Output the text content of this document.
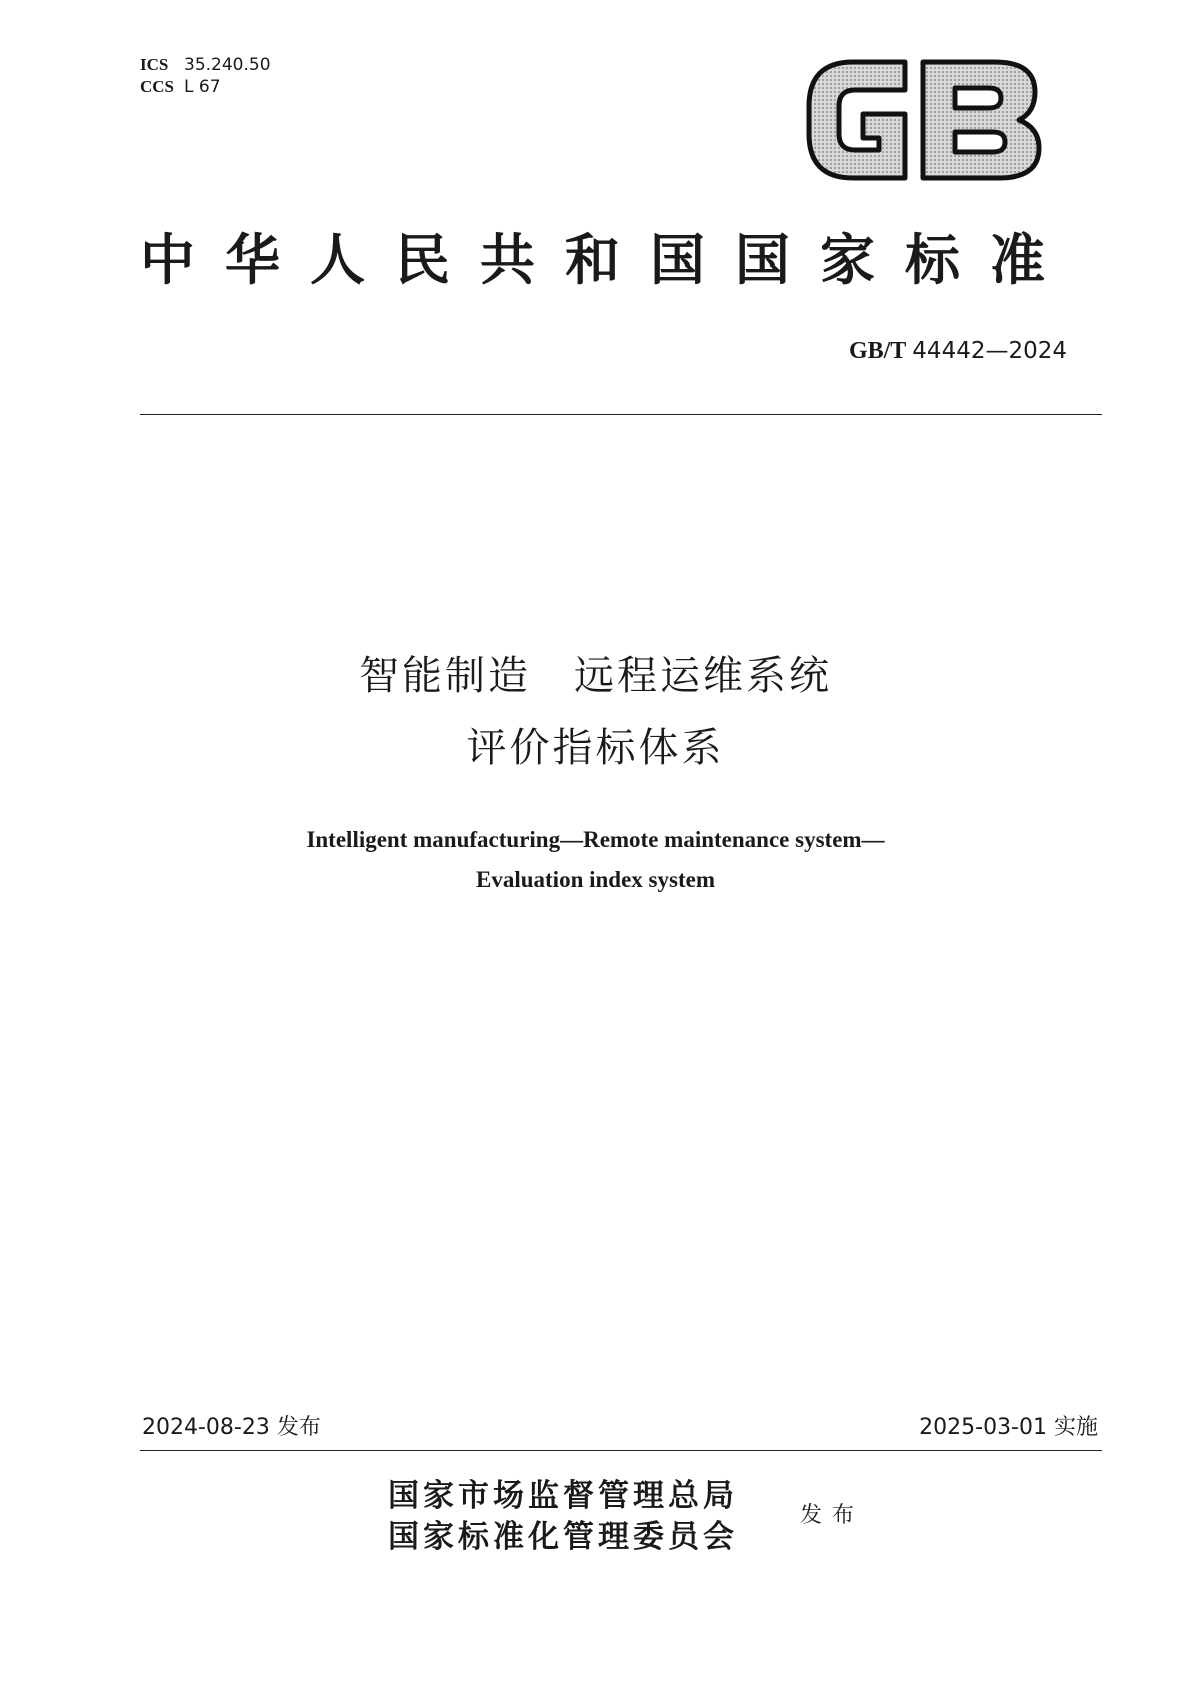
ICS 35.240.50
CCS L 67
中华人民共和国国家标准
GB/T 44442—2024
智能制造　远程运维系统
评价指标体系
Intelligent manufacturing—Remote maintenance system—
Evaluation index system
2024-08-23 发布	2025-03-01 实施
国家市场监督管理总局
国家标准化管理委员会
发布
